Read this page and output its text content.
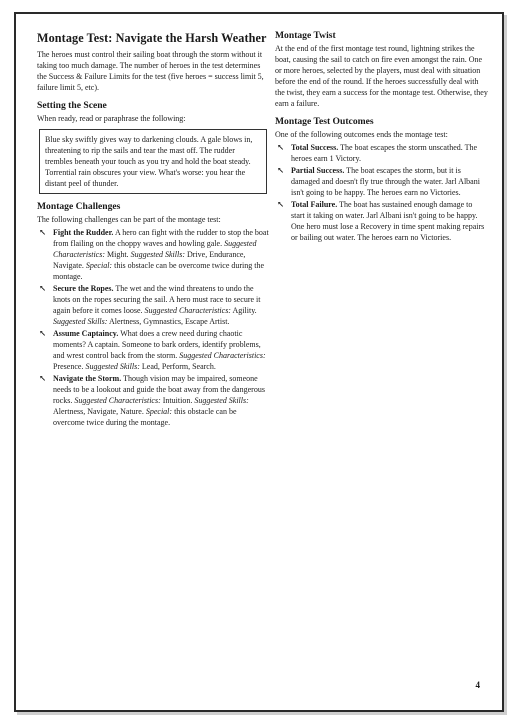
Montage Test: Navigate the Harsh Weather

The heroes must control their sailing boat through the storm without it taking too much damage. The number of heroes in the test determines the Success & Failure Limits for the test (five heroes = success limit 5, failure limit 5, etc).

Setting the Scene

When ready, read or paraphrase the following:

Blue sky swiftly gives way to darkening clouds. A gale blows in, threatening to rip the sails and tear the mast off. The rudder trembles beneath your touch as you try and hold the boat steady. Torrential rain obscures your view. What's worse: you hear the distant peel of thunder.
Montage Challenges

The following challenges can be part of the montage test:

↖ Fight the Rudder. A hero can fight with the rudder to stop the boat from flailing on the choppy waves and howling gale. Suggested Characteristics: Might. Suggested Skills: Drive, Endurance, Navigate. Special: this obstacle can be overcome twice during the montage.
↖ Secure the Ropes. The wet and the wind threatens to undo the knots on the ropes securing the sail. A hero must race to secure it again before it comes loose. Suggested Characteristics: Agility. Suggested Skills: Alertness, Gymnastics, Escape Artist.
↖ Assume Captaincy. What does a crew need during chaotic moments? A captain. Someone to bark orders, identify problems, and wrest control back from the storm. Suggested Characteristics: Presence. Suggested Skills: Lead, Perform, Search.
↖ Navigate the Storm. Though vision may be impaired, someone needs to be a lookout and guide the boat away from the dangerous rocks. Suggested Characteristics: Intuition. Suggested Skills: Alertness, Navigate, Nature. Special: this obstacle can be overcome twice during the montage.
Montage Twist

At the end of the first montage test round, lightning strikes the boat, causing the sail to catch on fire even amongst the rain. One or more heroes, selected by the players, must deal with situation before the end of the round. If the heroes successfully deal with the twist, they earn a success for the montage test. Otherwise, they earn a failure.

Montage Test Outcomes

One of the following outcomes ends the montage test:

↖ Total Success. The boat escapes the storm unscathed. The heroes earn 1 Victory.
↖ Partial Success. The boat escapes the storm, but it is damaged and doesn't fly true through the water. Jarl Albani isn't going to be happy. The heroes earn no Victories.
↖ Total Failure. The boat has sustained enough damage to start it taking on water. Jarl Albani isn't going to be happy. One hero must lose a Recovery in time spent making repairs or bailing out water. The heroes earn no Victories.
4
